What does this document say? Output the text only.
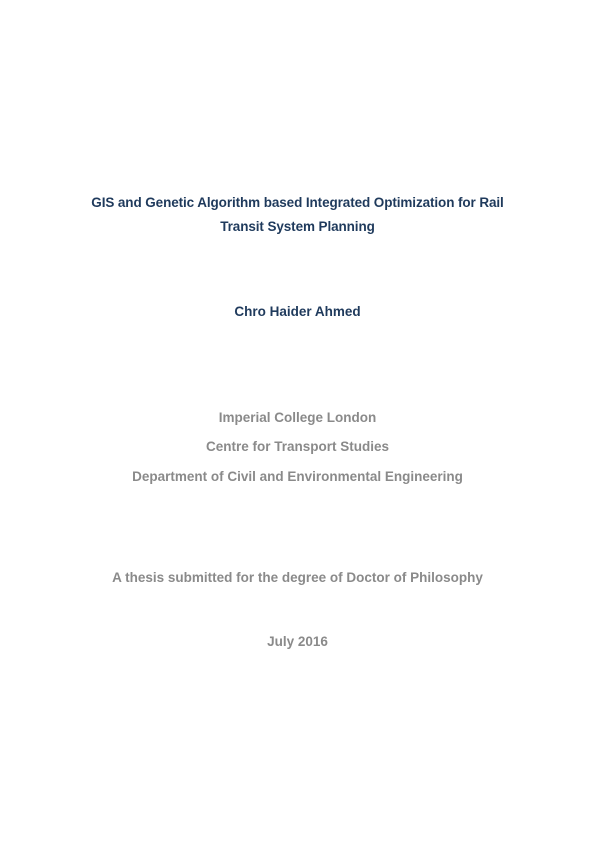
GIS and Genetic Algorithm based Integrated Optimization for Rail
Transit System Planning
Chro Haider Ahmed
Imperial College London
Centre for Transport Studies
Department of Civil and Environmental Engineering
A thesis submitted for the degree of Doctor of Philosophy
July 2016
